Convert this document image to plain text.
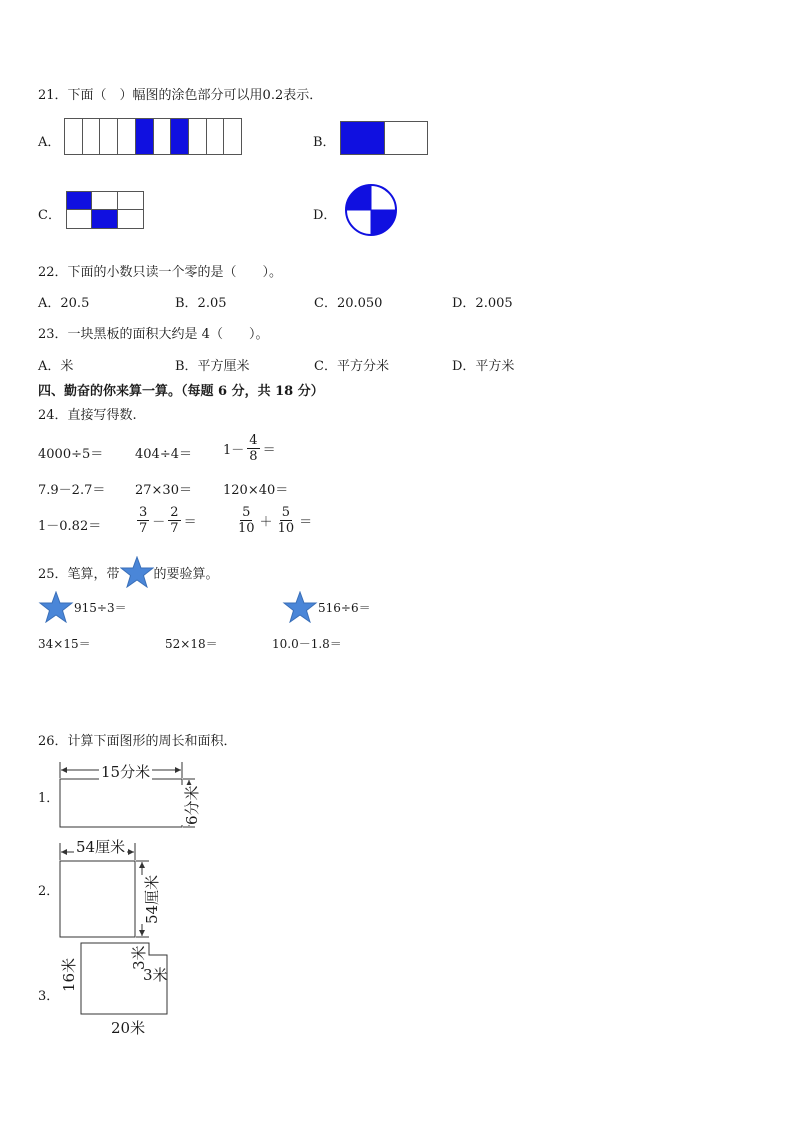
21．下面（　）幅图的涂色部分可以用0.2表示．
A．	B．
C．	D．
22．下面的小数只读一个零的是（　　）。
A．20.5	B．2.05	C．20.050	D．2.005
23．一块黑板的面积大约是 4（　　）。
A．米	B．平方厘米	C．平方分米	D．平方米
四、勤奋的你来算一算。（每题 6 分，共 18 分）
24．直接写得数.
$4000\div 5= 404\div 4= 1- \frac{4}{8}$ ＝
7.9－2.7＝ 27×30＝ 120×40＝
1－0.82＝	$\frac{3}{7} - \frac{2}{7}$ ＝	$\frac{5}{10} + \frac{5}{10}$ ＝
25．笔算，带	的要验算。
915÷3＝	516÷6＝
34×15＝	52×18＝	10.0－1.8＝
26．计算下面图形的周长和面积．
1．
15分米
6分米
2．
54厘米
54厘米
3．
16米
3米
3米
20米
